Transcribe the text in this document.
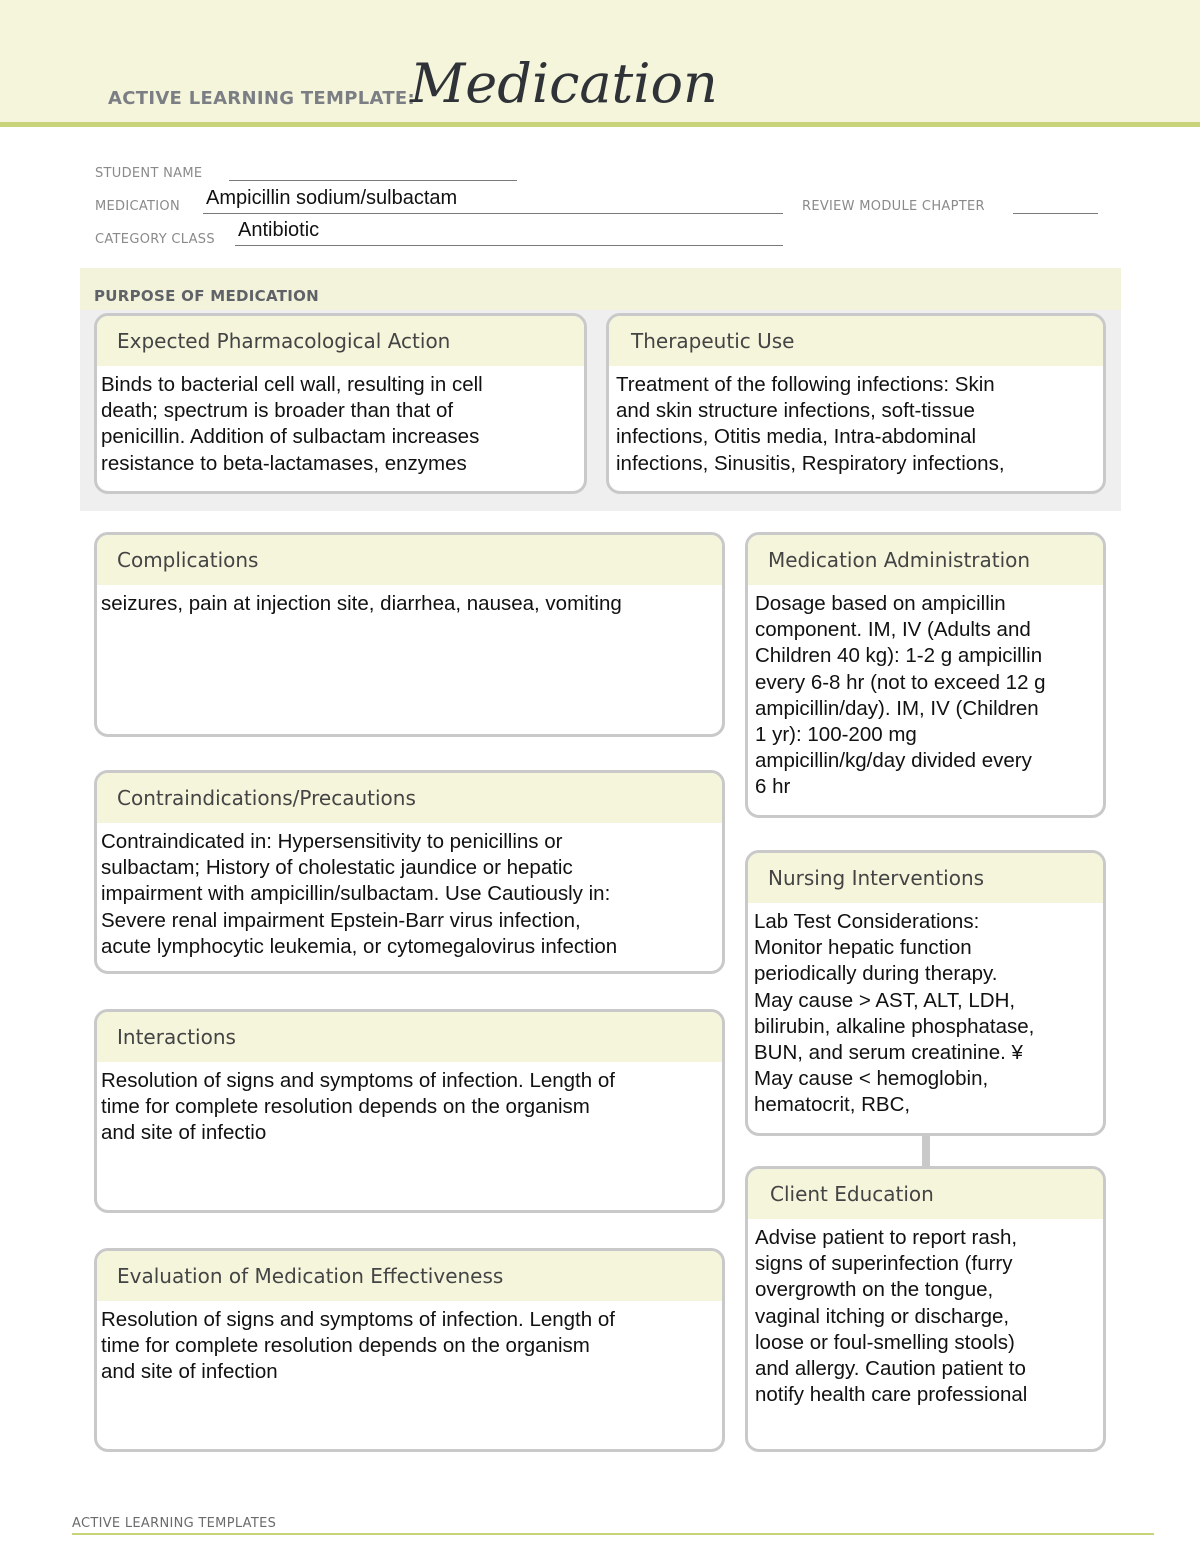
ACTIVE LEARNING TEMPLATE:
Medication
STUDENT NAME
MEDICATION Ampicillin sodium/sulbactam	REVIEW MODULE CHAPTER
CATEGORY CLASS Antibiotic
PURPOSE OF MEDICATION
Expected Pharmacological Action
Binds to bacterial cell wall, resulting in cell
death; spectrum is broader than that of
penicillin. Addition of sulbactam increases
resistance to beta-lactamases, enzymes
Therapeutic Use
Treatment of the following infections: Skin
and skin structure infections, soft-tissue
infections, Otitis media, Intra-abdominal
infections, Sinusitis, Respiratory infections,
Complications
seizures, pain at injection site, diarrhea, nausea, vomiting
Contraindications/Precautions
Contraindicated in: Hypersensitivity to penicillins or
sulbactam; History of cholestatic jaundice or hepatic
impairment with ampicillin/sulbactam. Use Cautiously in:
Severe renal impairment Epstein-Barr virus infection,
acute lymphocytic leukemia, or cytomegalovirus infection
Interactions
Resolution of signs and symptoms of infection. Length of
time for complete resolution depends on the organism
and site of infectio
Evaluation of Medication Effectiveness
Resolution of signs and symptoms of infection. Length of
time for complete resolution depends on the organism
and site of infection
Medication Administration
Dosage based on ampicillin
component. IM, IV (Adults and
Children 40 kg): 1-2 g ampicillin
every 6-8 hr (not to exceed 12 g
ampicillin/day). IM, IV (Children
1 yr): 100-200 mg
ampicillin/kg/day divided every
6 hr
Nursing Interventions
Lab Test Considerations:
Monitor hepatic function
periodically during therapy.
May cause > AST, ALT, LDH,
bilirubin, alkaline phosphatase,
BUN, and serum creatinine. ¥
May cause < hemoglobin,
hematocrit, RBC,
Client Education
Advise patient to report rash,
signs of superinfection (furry
overgrowth on the tongue,
vaginal itching or discharge,
loose or foul-smelling stools)
and allergy. Caution patient to
notify health care professional
ACTIVE LEARNING TEMPLATES
